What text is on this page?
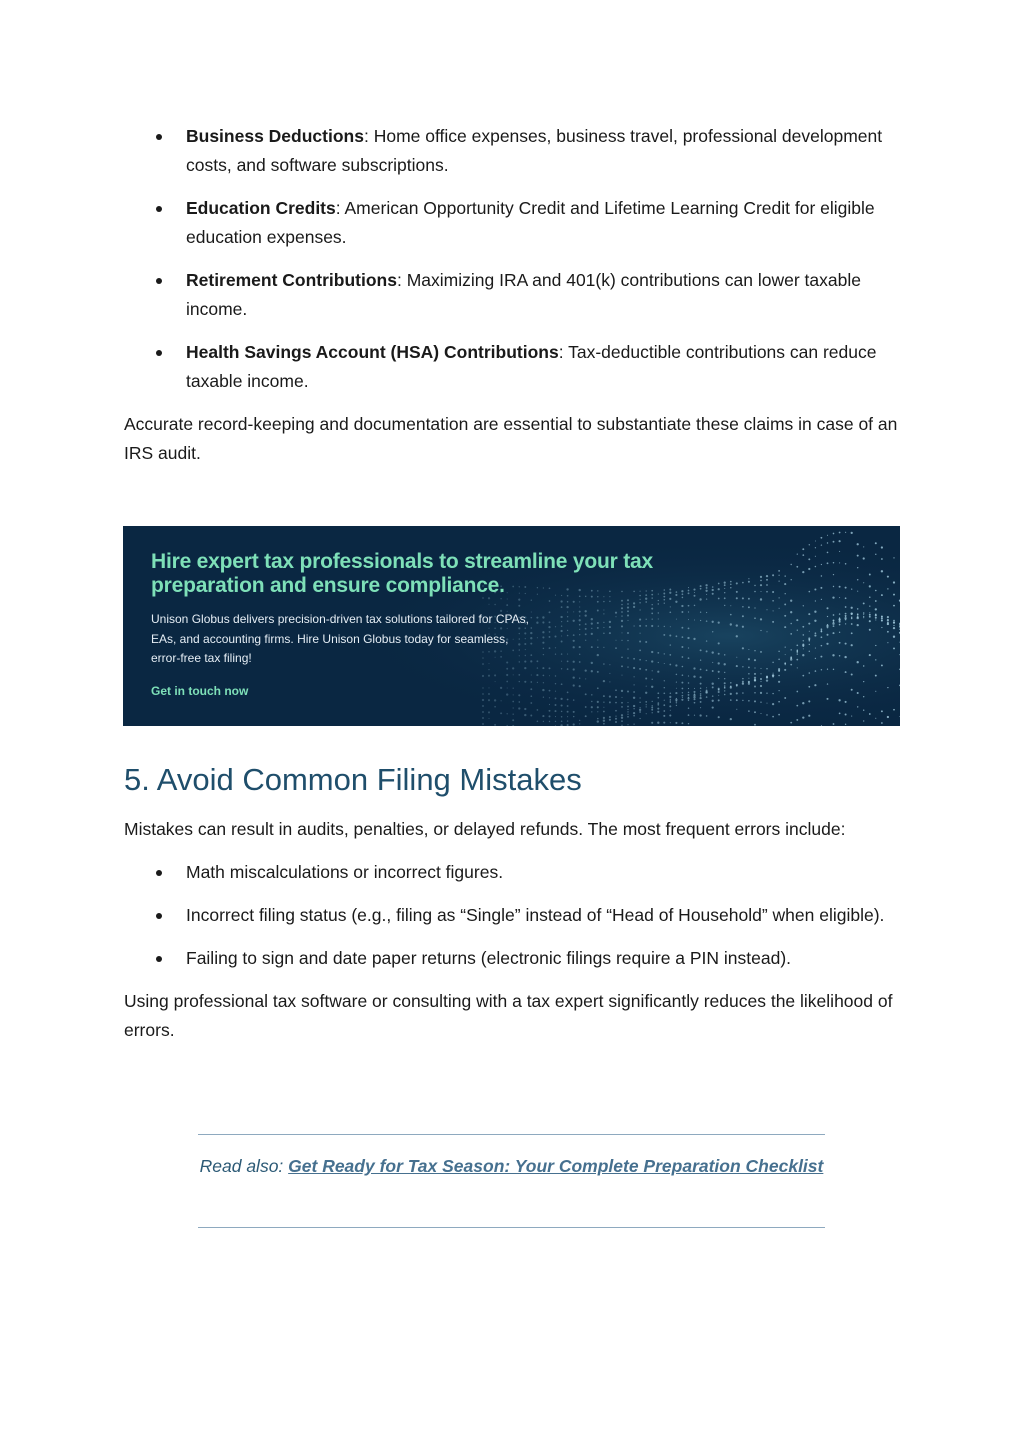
Business Deductions: Home office expenses, business travel, professional development costs, and software subscriptions.
Education Credits: American Opportunity Credit and Lifetime Learning Credit for eligible education expenses.
Retirement Contributions: Maximizing IRA and 401(k) contributions can lower taxable income.
Health Savings Account (HSA) Contributions: Tax-deductible contributions can reduce taxable income.

Accurate record-keeping and documentation are essential to substantiate these claims in case of an IRS audit.

Hire expert tax professionals to streamline your tax preparation and ensure compliance.
Unison Globus delivers precision-driven tax solutions tailored for CPAs, EAs, and accounting firms. Hire Unison Globus today for seamless, error-free tax filing!
Get in touch now
5. Avoid Common Filing Mistakes

Mistakes can result in audits, penalties, or delayed refunds. The most frequent errors include:

Math miscalculations or incorrect figures.
Incorrect filing status (e.g., filing as “Single” instead of “Head of Household” when eligible).
Failing to sign and date paper returns (electronic filings require a PIN instead).

Using professional tax software or consulting with a tax expert significantly reduces the likelihood of errors.

Read also: Get Ready for Tax Season: Your Complete Preparation Checklist
